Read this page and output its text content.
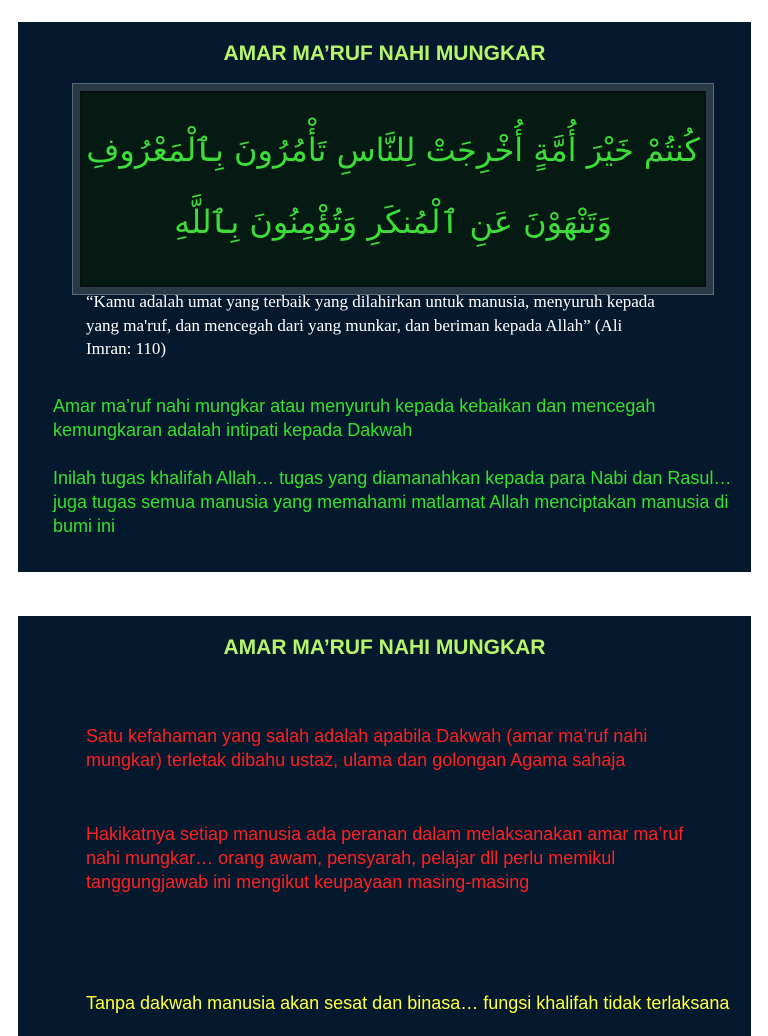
AMAR MA’RUF NAHI MUNGKAR
كُنتُمْ خَيْرَ أُمَّةٍ أُخْرِجَتْ لِلنَّاسِ تَأْمُرُونَ بِٱلْمَعْرُوفِ
وَتَنْهَوْنَ عَنِ ٱلْمُنكَرِ وَتُؤْمِنُونَ بِٱللَّهِ

“Kamu adalah umat yang terbaik yang dilahirkan untuk manusia, menyuruh kepada yang ma'ruf, dan mencegah dari yang munkar, dan beriman kepada Allah” (Ali Imran: 110)

Amar ma’ruf nahi mungkar atau menyuruh kepada kebaikan dan mencegah kemungkaran adalah intipati kepada Dakwah

Inilah tugas khalifah Allah… tugas yang diamanahkan kepada para Nabi dan Rasul… juga tugas semua manusia yang memahami matlamat Allah menciptakan manusia di bumi ini

AMAR MA’RUF NAHI MUNGKAR

Satu kefahaman yang salah adalah apabila Dakwah (amar ma’ruf nahi mungkar) terletak dibahu ustaz, ulama dan golongan Agama sahaja

Hakikatnya setiap manusia ada peranan dalam melaksanakan amar ma’ruf nahi mungkar… orang awam, pensyarah, pelajar dll perlu memikul tanggungjawab ini mengikut keupayaan masing-masing

Tanpa dakwah manusia akan sesat dan binasa… fungsi khalifah tidak terlaksana
